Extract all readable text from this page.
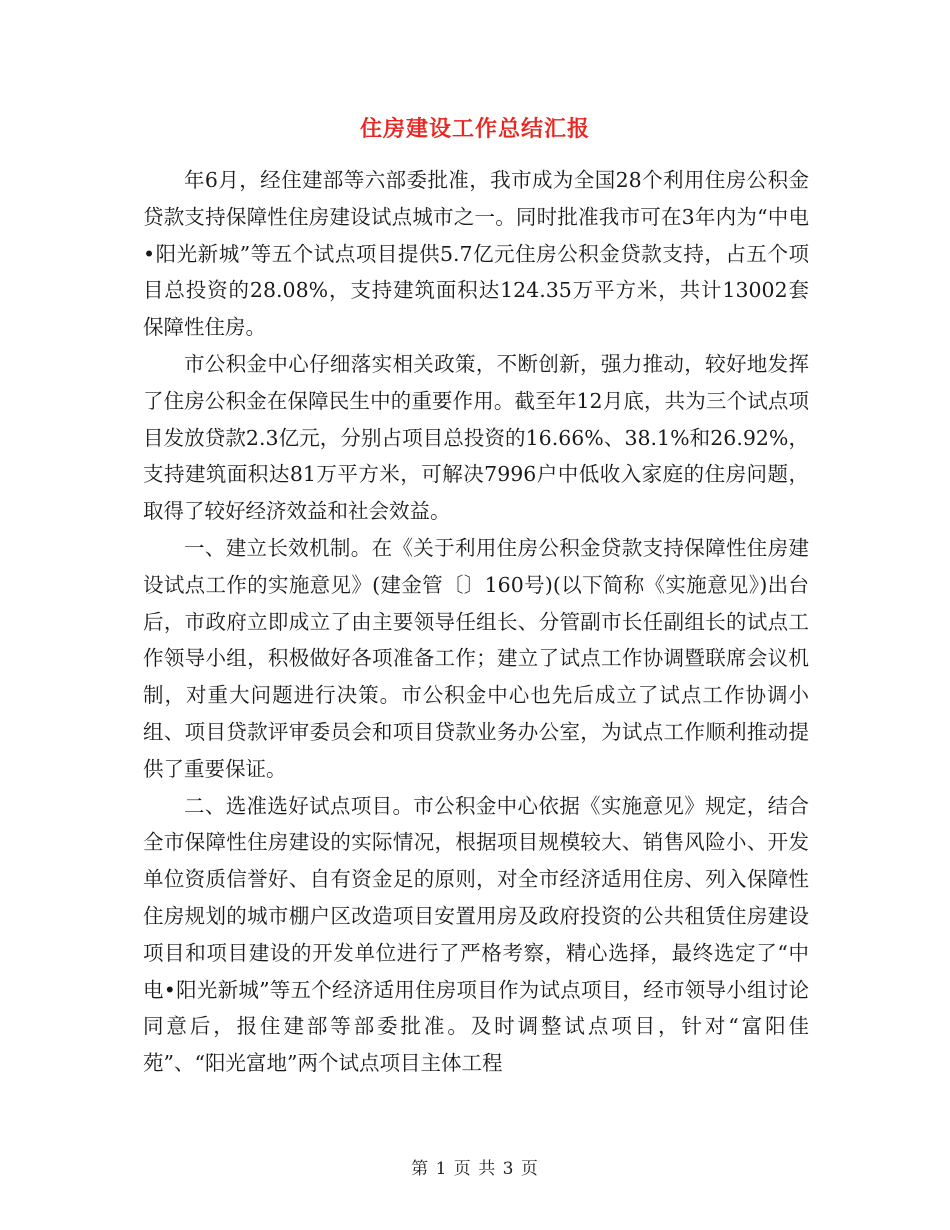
住房建设工作总结汇报

年6月，经住建部等六部委批准，我市成为全国28个利用住房公积金贷款支持保障性住房建设试点城市之一。同时批准我市可在3年内为“中电•阳光新城”等五个试点项目提供5.7亿元住房公积金贷款支持，占五个项目总投资的28.08%，支持建筑面积达124.35万平方米，共计13002套保障性住房。

市公积金中心仔细落实相关政策，不断创新，强力推动，较好地发挥了住房公积金在保障民生中的重要作用。截至年12月底，共为三个试点项目发放贷款2.3亿元，分别占项目总投资的16.66%、38.1%和26.92%，支持建筑面积达81万平方米，可解决7996户中低收入家庭的住房问题，取得了较好经济效益和社会效益。

一、建立长效机制。在《关于利用住房公积金贷款支持保障性住房建设试点工作的实施意见》(建金管〔〕160号)(以下简称《实施意见》)出台后，市政府立即成立了由主要领导任组长、分管副市长任副组长的试点工作领导小组，积极做好各项准备工作；建立了试点工作协调暨联席会议机制，对重大问题进行决策。市公积金中心也先后成立了试点工作协调小组、项目贷款评审委员会和项目贷款业务办公室，为试点工作顺利推动提供了重要保证。

二、选准选好试点项目。市公积金中心依据《实施意见》规定，结合全市保障性住房建设的实际情况，根据项目规模较大、销售风险小、开发单位资质信誉好、自有资金足的原则，对全市经济适用住房、列入保障性住房规划的城市棚户区改造项目安置用房及政府投资的公共租赁住房建设项目和项目建设的开发单位进行了严格考察，精心选择，最终选定了“中电•阳光新城”等五个经济适用住房项目作为试点项目，经市领导小组讨论同意后，报住建部等部委批准。及时调整试点项目，针对“富阳佳苑”、“阳光富地”两个试点项目主体工程

第 1 页 共 3 页
